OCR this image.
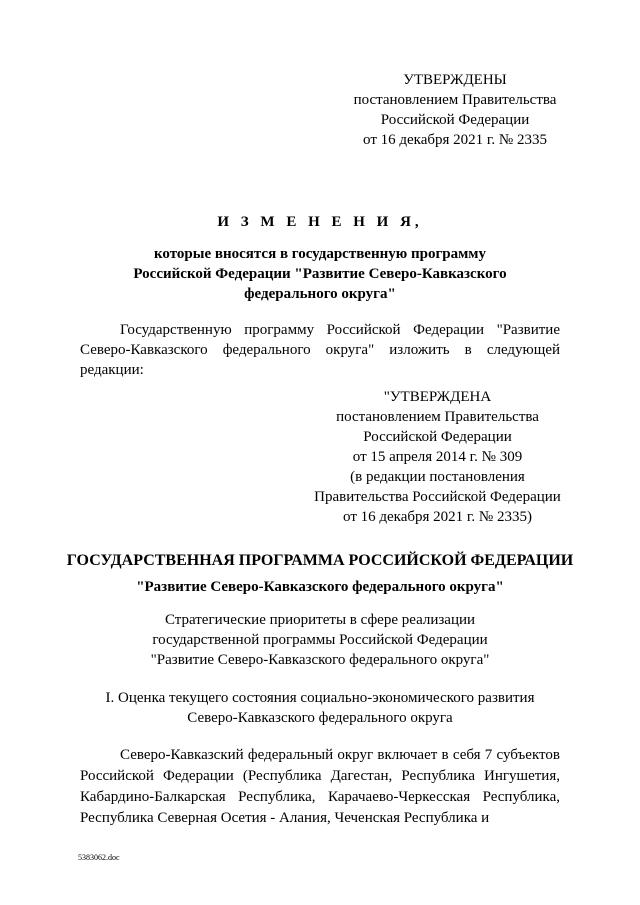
УТВЕРЖДЕНЫ
постановлением Правительства
Российской Федерации
от 16 декабря 2021 г. № 2335
И З М Е Н Е Н И Я,
которые вносятся в государственную программу
Российской Федерации "Развитие Северо-Кавказского
федерального округа"
Государственную программу Российской Федерации "Развитие Северо-Кавказского федерального округа" изложить в следующей редакции:
"УТВЕРЖДЕНА
постановлением Правительства
Российской Федерации
от 15 апреля 2014 г. № 309
(в редакции постановления
Правительства Российской Федерации
от 16 декабря 2021 г. № 2335)
ГОСУДАРСТВЕННАЯ ПРОГРАММА РОССИЙСКОЙ ФЕДЕРАЦИИ
"Развитие Северо-Кавказского федерального округа"
Стратегические приоритеты в сфере реализации
государственной программы Российской Федерации
"Развитие Северо-Кавказского федерального округа"
I. Оценка текущего состояния социально-экономического развития
Северо-Кавказского федерального округа
Северо-Кавказский федеральный округ включает в себя 7 субъектов Российской Федерации (Республика Дагестан, Республика Ингушетия, Кабардино-Балкарская Республика, Карачаево-Черкесская Республика, Республика Северная Осетия - Алания, Чеченская Республика и
5383062.doc
